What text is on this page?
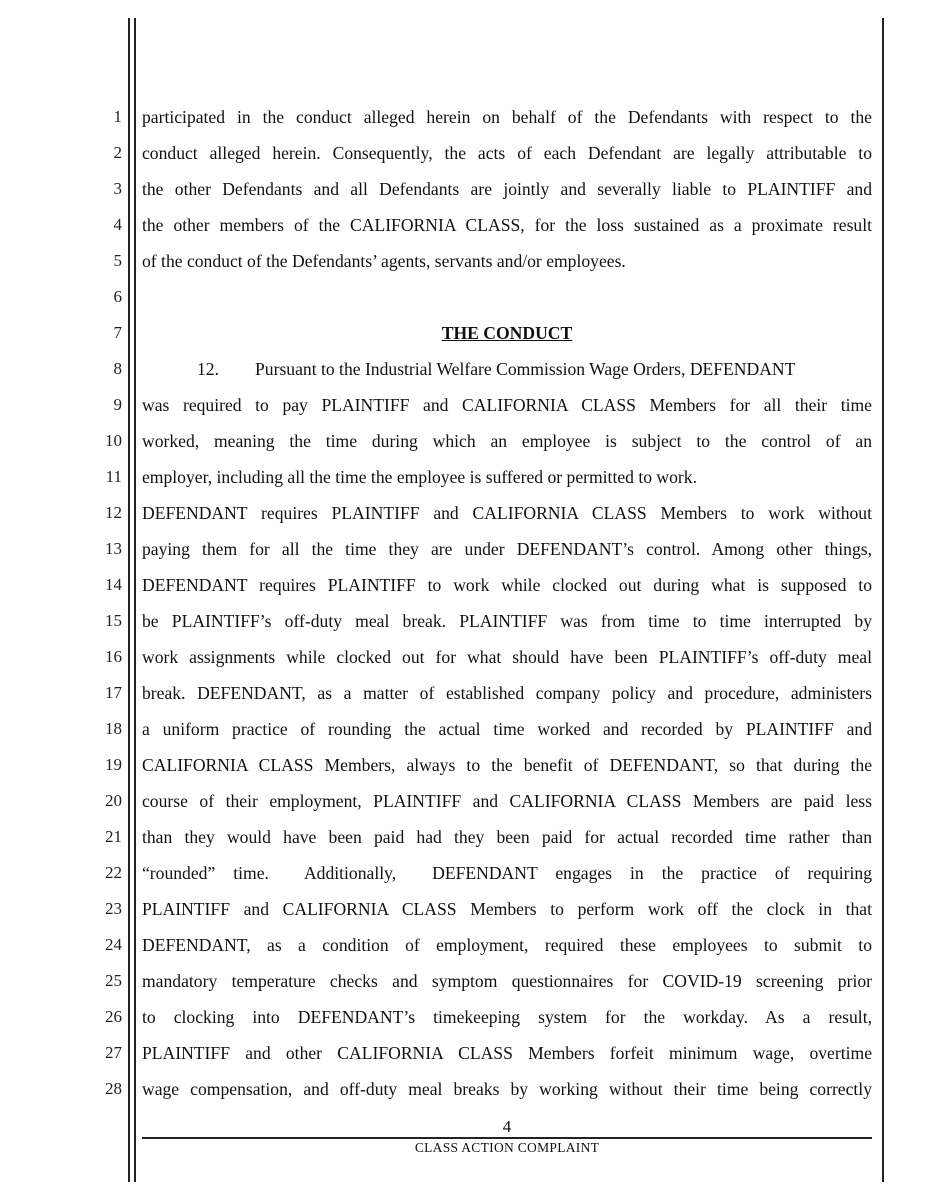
1
2
3
4
5
6
7
8
9
10
11
12
13
14
15
16
17
18
19
20
21
22
23
24
25
26
27
28
participated in the conduct alleged herein on behalf of the Defendants with respect to the
conduct alleged herein. Consequently, the acts of each Defendant are legally attributable to
the other Defendants and all Defendants are jointly and severally liable to PLAINTIFF and
the other members of the CALIFORNIA CLASS, for the loss sustained as a proximate result
of the conduct of the Defendants’ agents, servants and/or employees.
THE CONDUCT
12. Pursuant to the Industrial Welfare Commission Wage Orders, DEFENDANT
was required to pay PLAINTIFF and CALIFORNIA CLASS Members for all their time
worked, meaning the time during which an employee is subject to the control of an
employer, including all the time the employee is suffered or permitted to work.
DEFENDANT requires PLAINTIFF and CALIFORNIA CLASS Members to work without
paying them for all the time they are under DEFENDANT’s control. Among other things,
DEFENDANT requires PLAINTIFF to work while clocked out during what is supposed to
be PLAINTIFF’s off-duty meal break. PLAINTIFF was from time to time interrupted by
work assignments while clocked out for what should have been PLAINTIFF’s off-duty meal
break. DEFENDANT, as a matter of established company policy and procedure, administers
a uniform practice of rounding the actual time worked and recorded by PLAINTIFF and
CALIFORNIA CLASS Members, always to the benefit of DEFENDANT, so that during the
course of their employment, PLAINTIFF and CALIFORNIA CLASS Members are paid less
than they would have been paid had they been paid for actual recorded time rather than
“rounded” time.  Additionally,  DEFENDANT engages in the practice of requiring
PLAINTIFF and CALIFORNIA CLASS Members to perform work off the clock in that
DEFENDANT, as a condition of employment, required these employees to submit to
mandatory temperature checks and symptom questionnaires for COVID-19 screening prior
to clocking into DEFENDANT’s timekeeping system for the workday. As a result,
PLAINTIFF and other CALIFORNIA CLASS Members forfeit minimum wage, overtime
wage compensation, and off-duty meal breaks by working without their time being correctly
4
CLASS ACTION COMPLAINT
